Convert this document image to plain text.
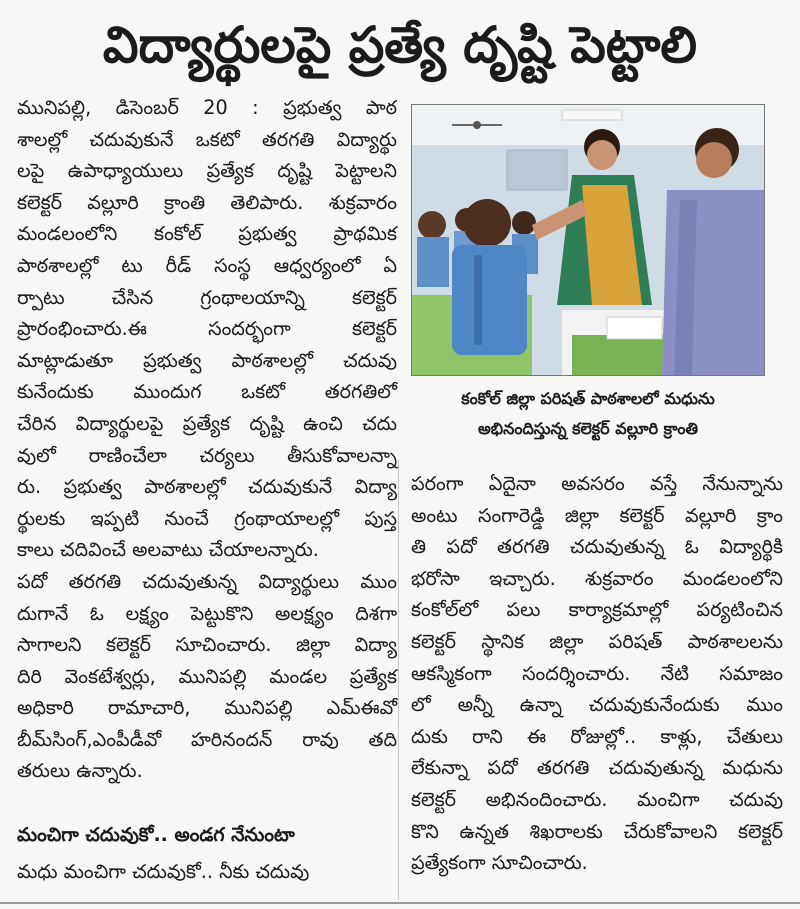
విద్యార్థులపై ప్రత్యే దృష్టి పెట్టాలి

మునిపల్లి, డిసెంబర్ 20 : ప్రభుత్వ పాఠ

శాలల్లో చదువుకునే ఒకటో తరగతి విద్యార్థు

లపై ఉపాధ్యాయులు ప్రత్యేక దృష్టి పెట్టాలని

కలెక్టర్ వల్లూరి క్రాంతి తెలిపారు. శుక్రవారం

మండలంలోని కంకోల్ ప్రభుత్వ ప్రాథమిక

పాఠశాలల్లో టు రీడ్ సంస్థ ఆధ్వర్యంలో ఏ

ర్పాటు చేసిన గ్రంథాలయాన్ని కలెక్టర్

ప్రారంభించారు.ఈ సందర్భంగా కలెక్టర్

మాట్లాడుతూ ప్రభుత్వ పాఠశాలల్లో చదువు

కునేందుకు ముందుగ ఒకటో తరగతిలో

చేరిన విద్యార్థులపై ప్రత్యేక దృష్టి ఉంచి చదు

వులో రాణించేలా చర్యలు తీసుకోవాలన్నా

రు. ప్రభుత్వ పాఠశాలల్లో చదువుకునే విద్యా

ర్థులకు ఇప్పటి నుంచే గ్రంథాయాలల్లో పుస్త

కాలు చదివించే అలవాటు చేయాలన్నారు.

పదో తరగతి చదువుతున్న విద్యార్థులు ముం

దుగానే ఓ లక్ష్యం పెట్టుకొని అలక్ష్యం దిశగా

సాగాలని కలెక్టర్ సూచించారు. జిల్లా విద్యా

దిరి వెంకటేశ్వర్లు, మునిపల్లి మండల ప్రత్యేక

అధికారి రామాచారి, మునిపల్లి ఎమ్ఈవో

బీమ్‌సింగ్,ఎంపీడీవో హరినందన్ రావు తది

తరులు ఉన్నారు.

మంచిగా చదువుకో.. అండగ నేనుంటా

మధు మంచిగా చదువుకో.. నీకు చదువు

కంకోల్ జిల్లా పరిషత్ పాఠశాలలో మధును
అభినందిస్తున్న కలెక్టర్ వల్లూరి క్రాంతి

పరంగా ఏదైనా అవసరం వస్తే నేనున్నాను

అంటు సంగారెడ్డి జిల్లా కలెక్టర్ వల్లూరి క్రాం

తి పదో తరగతి చదువుతున్న ఓ విద్యార్థికి

భరోసా ఇచ్చారు. శుక్రవారం మండలంలోని

కంకోల్‌లో పలు కార్యాక్రమాల్లో పర్యటించిన

కలెక్టర్ స్థానిక జిల్లా పరిషత్ పాఠశాలలను

ఆకస్మికంగా సందర్శించారు. నేటి సమాజం

లో అన్నీ ఉన్నా చదువుకునేందుకు ముం

దుకు రాని ఈ రోజుల్లో.. కాళ్లు, చేతులు

లేకున్నా పదో తరగతి చదువుతున్న మధును

కలెక్టర్ అభినందించారు. మంచిగా చదువు

కొని ఉన్నత శిఖరాలకు చేరుకోవాలని కలెక్టర్

ప్రత్యేకంగా సూచించారు.
